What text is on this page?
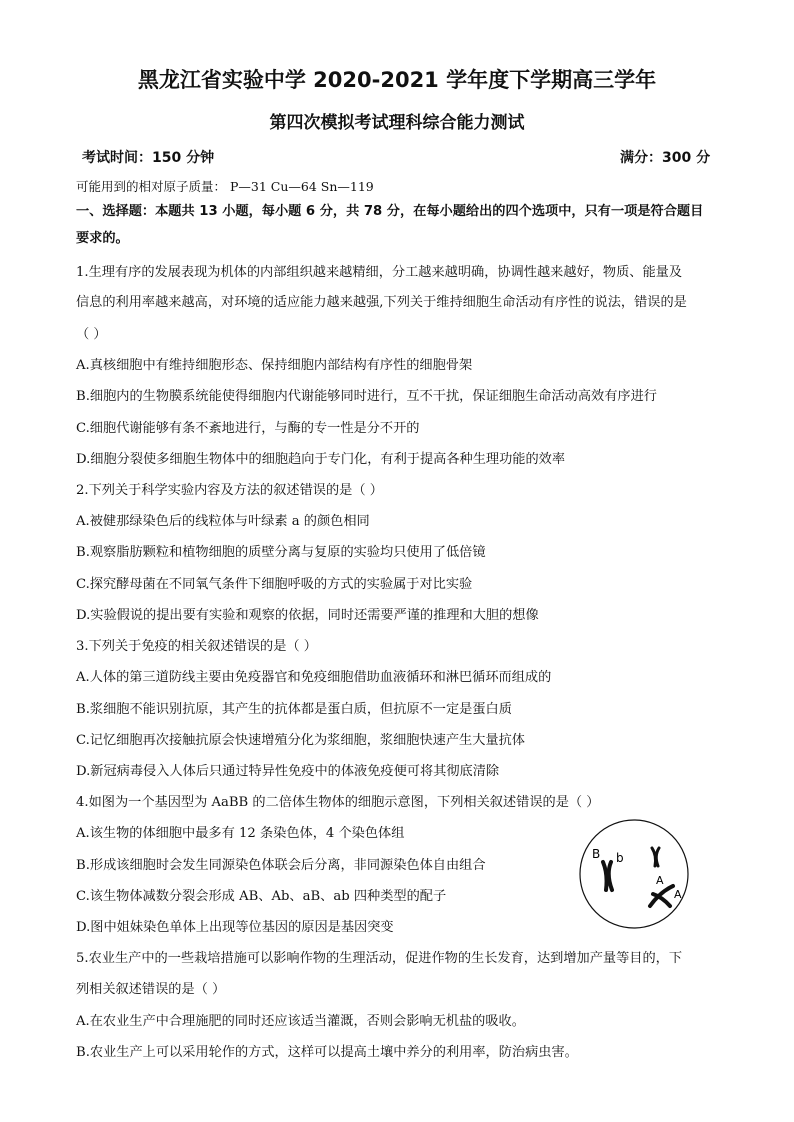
黑龙江省实验中学 2020-2021 学年度下学期高三学年
第四次模拟考试理科综合能力测试
考试时间：150 分钟	满分：300 分
可能用到的相对原子质量： P—31 Cu—64 Sn—119
一、选择题：本题共 13 小题，每小题 6 分，共 78 分，在每小题给出的四个选项中，只有一项是符合题目
要求的。
1.生理有序的发展表现为机体的内部组织越来越精细，分工越来越明确，协调性越来越好，物质、能量及
信息的利用率越来越高，对环境的适应能力越来越强,下列关于维持细胞生命活动有序性的说法，错误的是
（ ）
A.真核细胞中有维持细胞形态、保持细胞内部结构有序性的细胞骨架
B.细胞内的生物膜系统能使得细胞内代谢能够同时进行，互不干扰，保证细胞生命活动高效有序进行
C.细胞代谢能够有条不紊地进行，与酶的专一性是分不开的
D.细胞分裂使多细胞生物体中的细胞趋向于专门化，有利于提高各种生理功能的效率
2.下列关于科学实验内容及方法的叙述错误的是（ ）
A.被健那绿染色后的线粒体与叶绿素 a 的颜色相同
B.观察脂肪颗粒和植物细胞的质壁分离与复原的实验均只使用了低倍镜
C.探究酵母菌在不同氧气条件下细胞呼吸的方式的实验属于对比实验
D.实验假说的提出要有实验和观察的依据，同时还需要严谨的推理和大胆的想像
3.下列关于免疫的相关叙述错误的是（ ）
A.人体的第三道防线主要由免疫器官和免疫细胞借助血液循环和淋巴循环而组成的
B.浆细胞不能识别抗原，其产生的抗体都是蛋白质，但抗原不一定是蛋白质
C.记忆细胞再次接触抗原会快速增殖分化为浆细胞，浆细胞快速产生大量抗体
D.新冠病毒侵入人体后只通过特异性免疫中的体液免疫便可将其彻底清除
4.如图为一个基因型为 AaBB 的二倍体生物体的细胞示意图，下列相关叙述错误的是（ ）
A.该生物的体细胞中最多有 12 条染色体，4 个染色体组
B.形成该细胞时会发生同源染色体联会后分离，非同源染色体自由组合
C.该生物体减数分裂会形成 AB、Ab、aB、ab 四种类型的配子
D.图中姐妹染色单体上出现等位基因的原因是基因突变
B b
A
A
5.农业生产中的一些栽培措施可以影响作物的生理活动，促进作物的生长发育，达到增加产量等目的，下
列相关叙述错误的是（ ）
A.在农业生产中合理施肥的同时还应该适当灌溉，否则会影响无机盐的吸收。
B.农业生产上可以采用轮作的方式，这样可以提高土壤中养分的利用率，防治病虫害。
